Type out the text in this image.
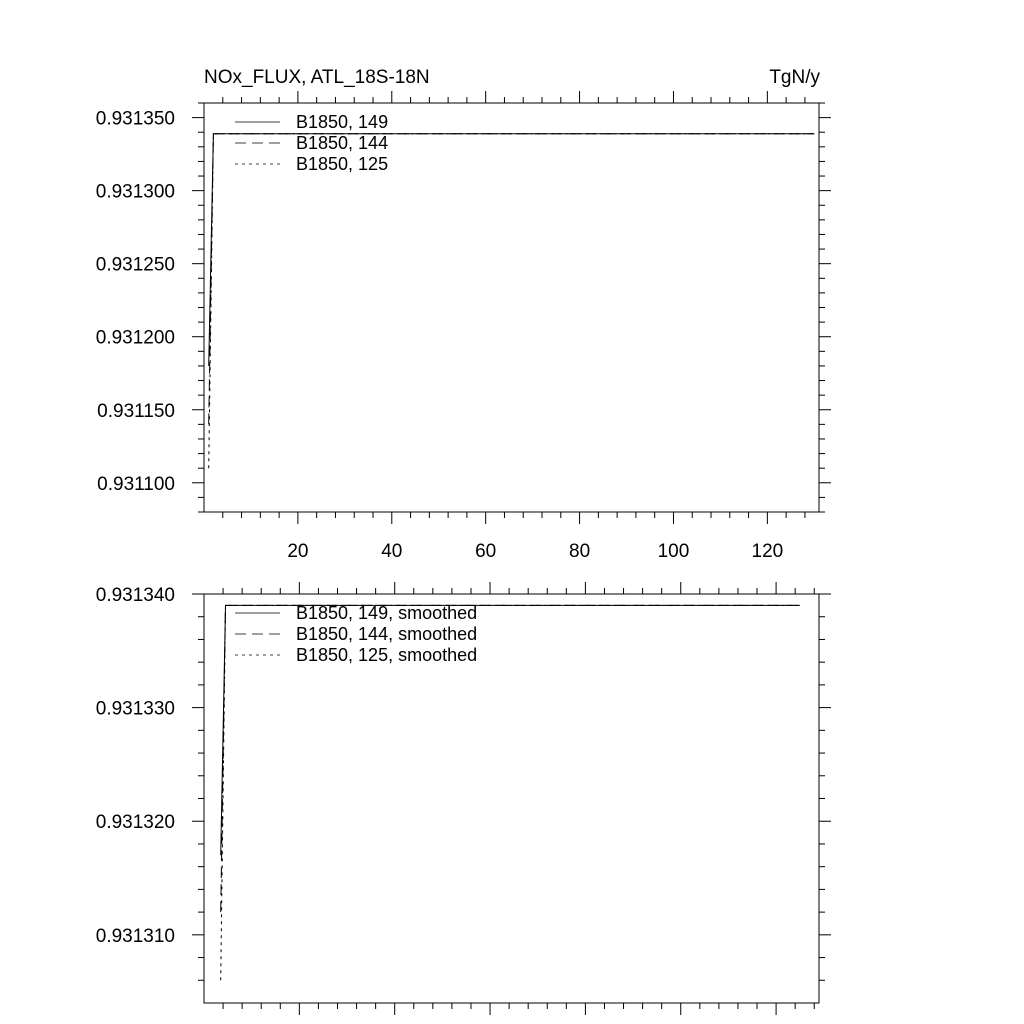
NOx_FLUX, ATL_18S-18N	TgN/y
20	40	60	80	100	120
0.931100
0.931150
0.931200
0.931250
0.931300
0.931350	B1850, 149
B1850, 144
B1850, 125
0.931310
0.931320
0.931330
0.931340
B1850, 149, smoothed
B1850, 144, smoothed
B1850, 125, smoothed
